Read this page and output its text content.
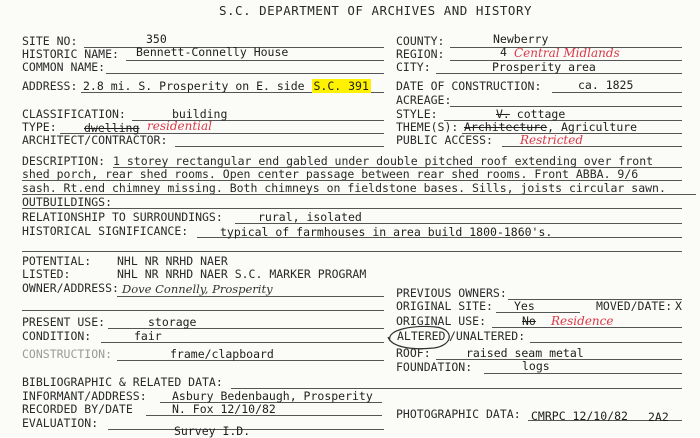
S.C. DEPARTMENT OF ARCHIVES AND HISTORY
SITE NO:	350	COUNTY:	Newberry
HISTORIC NAME: Bennett-Connelly House	REGION:	4 Central Midlands
COMMON NAME:	CITY:	Prosperity area
ADDRESS: 2.8 mi. S. Prosperity on E. side S.C. 391 DATE OF CONSTRUCTION:	ca. 1825
ACREAGE:
CLASSIFICATION:	building	STYLE:	V. cottage
TYPE: dwelling residential	THEME(S): Architecture, Agriculture
ARCHITECT/CONTRACTOR:	PUBLIC ACCESS: Restricted
DESCRIPTION: 1 storey rectangular end gabled under double pitched roof extending over front
shed porch, rear shed rooms. Open center passage between rear shed rooms. Front ABBA. 9/6
sash. Rt.end chimney missing. Both chimneys on fieldstone bases. Sills, joists circular sawn.
OUTBUILDINGS:
RELATIONSHIP TO SURROUNDINGS:	rural, isolated
HISTORICAL SIGNIFICANCE:	typical of farmhouses in area build 1800-1860's.
POTENTIAL: NHL NR NRHD NAER
LISTED:	NHL NR NRHD NAER S.C. MARKER PROGRAM
OWNER/ADDRESS: Dove Connelly, Prosperity	PREVIOUS OWNERS:
ORIGINAL SITE: Yes	MOVED/DATE: X
PRESENT USE:	storage	ORIGINAL USE:	No Residence
CONDITION:	fair	ALTERED /UNALTERED:
CONSTRUCTION:	frame/clapboard	ROOF:	raised seam metal
FOUNDATION:	logs
BIBLIOGRAPHIC & RELATED DATA:
INFORMANT/ADDRESS: Asbury Bedenbaugh, Prosperity
RECORDED BY/DATE	N. Fox 12/10/82	PHOTOGRAPHIC DATA: CMRPC 12/10/82 2A2
EVALUATION:
Survey I.D.
